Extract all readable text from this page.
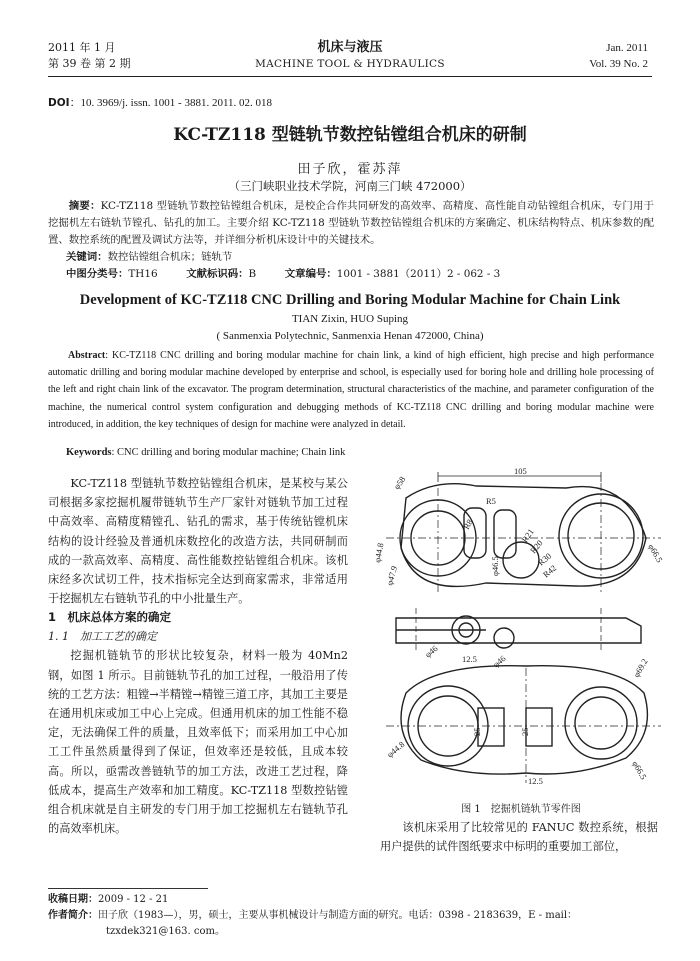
2011 年 1 月
第 39 卷 第 2 期
机床与液压
MACHINE TOOL & HYDRAULICS
Jan. 2011
Vol. 39 No. 2
DOI：10. 3969/j. issn. 1001 - 3881. 2011. 02. 018
KC-TZ118 型链轨节数控钻镗组合机床的研制
田子欣，霍苏萍
（三门峡职业技术学院，河南三门峡 472000）
摘要：KC-TZ118 型链轨节数控钻镗组合机床，是校企合作共同研发的高效率、高精度、高性能自动钻镗组合机床，专门用于挖掘机左右链轨节镗孔、钻孔的加工。主要介绍 KC-TZ118 型链轨节数控钻镗组合机床的方案确定、机床结构特点、机床参数的配置、数控系统的配置及调试方法等，并详细分析机床设计中的关键技术。
关键词：数控钻镗组合机床；链轨节
中图分类号：TH16	文献标识码：B	文章编号：1001 - 3881（2011）2 - 062 - 3
Development of KC-TZ118 CNC Drilling and Boring Modular Machine for Chain Link
TIAN Zixin, HUO Suping
( Sanmenxia Polytechnic, Sanmenxia Henan 472000, China)
Abstract: KC-TZ118 CNC drilling and boring modular machine for chain link, a kind of high efficient, high precise and high performance automatic drilling and boring modular machine developed by enterprise and school, is especially used for boring hole and drilling hole processing of the left and right chain link of the excavator. The program determination, structural characteristics of the machine, and parameter configuration of the machine, the numerical control system configuration and debugging methods of KC-TZ118 CNC drilling and boring modular machine were introduced, in addition, the key techniques of design for machine were analyzed in detail.
Keywords: CNC drilling and boring modular machine; Chain link
KC-TZ118 型链轨节数控钻镗组合机床，是某校与某公司根据多家挖掘机履带链轨节生产厂家针对链轨节加工过程中高效率、高精度精镗孔、钻孔的需求，基于传统钻镗机床结构的设计经验及普通机床数控化的改造方法，共同研制而成的一款高效率、高精度、高性能数控钻镗组合机床。该机床经多次试切工件，技术指标完全达到商家需求，非常适用于挖掘机左右链轨节孔的中小批量生产。
1　机床总体方案的确定
1. 1　加工工艺的确定
挖掘机链轨节的形状比较复杂，材料一般为 40Mn2 钢，如图 1 所示。目前链轨节孔的加工过程，一般沿用了传统的工艺方法：粗镗→半精镗→精镗三道工序，其加工主要是在通用机床或加工中心上完成。但通用机床的加工性能不稳定，无法确保工件的质量，且效率低下；而采用加工中心加工工件虽然质量得到了保证，但效率还是较低，且成本较高。所以，亟需改善链轨节的加工方法，改进工艺过程，降低成本，提高生产效率和加工精度。KC-TZ118 型数控钻镗组合机床就是自主研发的专门用于加工挖掘机左右链轨节孔的高效率机床。
105
R5
φ58
R8
R21
R20
R30
R42
φ44.8	φ66.5
φ47.9	φ46.5
φ46	12.5 φ46	φ69.2
φ44.8
25	25
φ66.5
12.5
图 1　挖掘机链轨节零件图
该机床采用了比较常见的 FANUC 数控系统，根据用户提供的试件图纸要求中标明的重要加工部位，
收稿日期：2009 - 12 - 21
作者简介：田子欣（1983—），男，硕士，主要从事机械设计与制造方面的研究。电话：0398 - 2183639，E - mail：
tzxdek321@163. com。
